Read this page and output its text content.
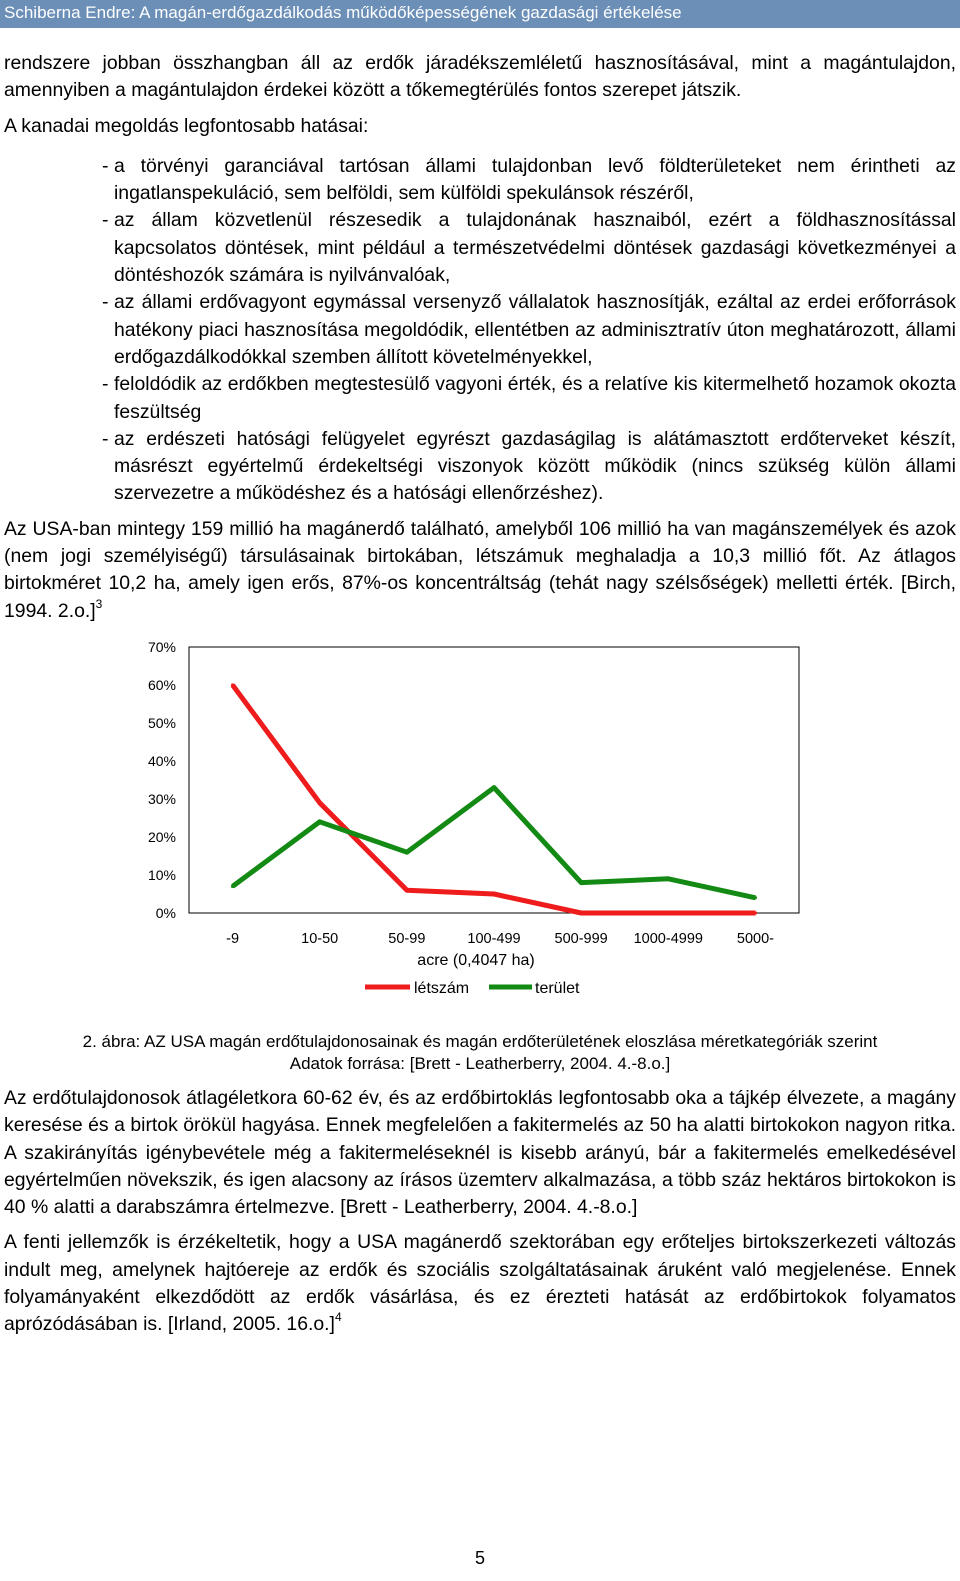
Schiberna Endre: A magán-erdőgazdálkodás működőképességének gazdasági értékelése

rendszere jobban összhangban áll az erdők járadékszemléletű hasznosításával, mint a magántulajdon, amennyiben a magántulajdon érdekei között a tőkemegtérülés fontos szerepet játszik.

A kanadai megoldás legfontosabb hatásai:

- a törvényi garanciával tartósan állami tulajdonban levő földterületeket nem érintheti az ingatlanspekuláció, sem belföldi, sem külföldi spekulánsok részéről,
- az állam közvetlenül részesedik a tulajdonának hasznaiból, ezért a földhasznosítással kapcsolatos döntések, mint például a természetvédelmi döntések gazdasági következményei a döntéshozók számára is nyilvánvalóak,
- az állami erdővagyont egymással versenyző vállalatok hasznosítják, ezáltal az erdei erőforrások hatékony piaci hasznosítása megoldódik, ellentétben az adminisztratív úton meghatározott, állami erdőgazdálkodókkal szemben állított követelményekkel,
- feloldódik az erdőkben megtestesülő vagyoni érték, és a relatíve kis kitermelhető hozamok okozta feszültség
- az erdészeti hatósági felügyelet egyrészt gazdaságilag is alátámasztott erdőterveket készít, másrészt egyértelmű érdekeltségi viszonyok között működik (nincs szükség külön állami szervezetre a működéshez és a hatósági ellenőrzéshez).

Az USA-ban mintegy 159 millió ha magánerdő található, amelyből 106 millió ha van magánszemélyek és azok (nem jogi személyiségű) társulásainak birtokában, létszámuk meghaladja a 10,3 millió főt. Az átlagos birtokméret 10,2 ha, amely igen erős, 87%-os koncentráltság (tehát nagy szélsőségek) melletti érték. [Birch, 1994. 2.o.]$^3$

0%
10%
20%
30%
40%
50%
60%
70%
-9	10-50	50-99	100-499 500-999 1000-4999 5000-
acre (0,4047 ha)
létszám	terület

2. ábra: AZ USA magán erdőtulajdonosainak és magán erdőterületének eloszlása méretkategóriák szerint

Adatok forrása: [Brett - Leatherberry, 2004. 4.-8.o.]

Az erdőtulajdonosok átlagéletkora 60-62 év, és az erdőbirtoklás legfontosabb oka a tájkép élvezete, a magány keresése és a birtok örökül hagyása. Ennek megfelelően a fakitermelés az 50 ha alatti birtokokon nagyon ritka. A szakirányítás igénybevétele még a fakitermeléseknél is kisebb arányú, bár a fakitermelés emelkedésével egyértelműen növekszik, és igen alacsony az írásos üzemterv alkalmazása, a több száz hektáros birtokokon is 40 % alatti a darabszámra értelmezve. [Brett - Leatherberry, 2004. 4.-8.o.]

A fenti jellemzők is érzékeltetik, hogy a USA magánerdő szektorában egy erőteljes birtokszerkezeti változás indult meg, amelynek hajtóereje az erdők és szociális szolgáltatásainak áruként való megjelenése. Ennek folyamányaként elkezdődött az erdők vásárlása, és ez érezteti hatását az erdőbirtokok folyamatos aprózódásában is. [Irland, 2005. 16.o.]$^4$

5
